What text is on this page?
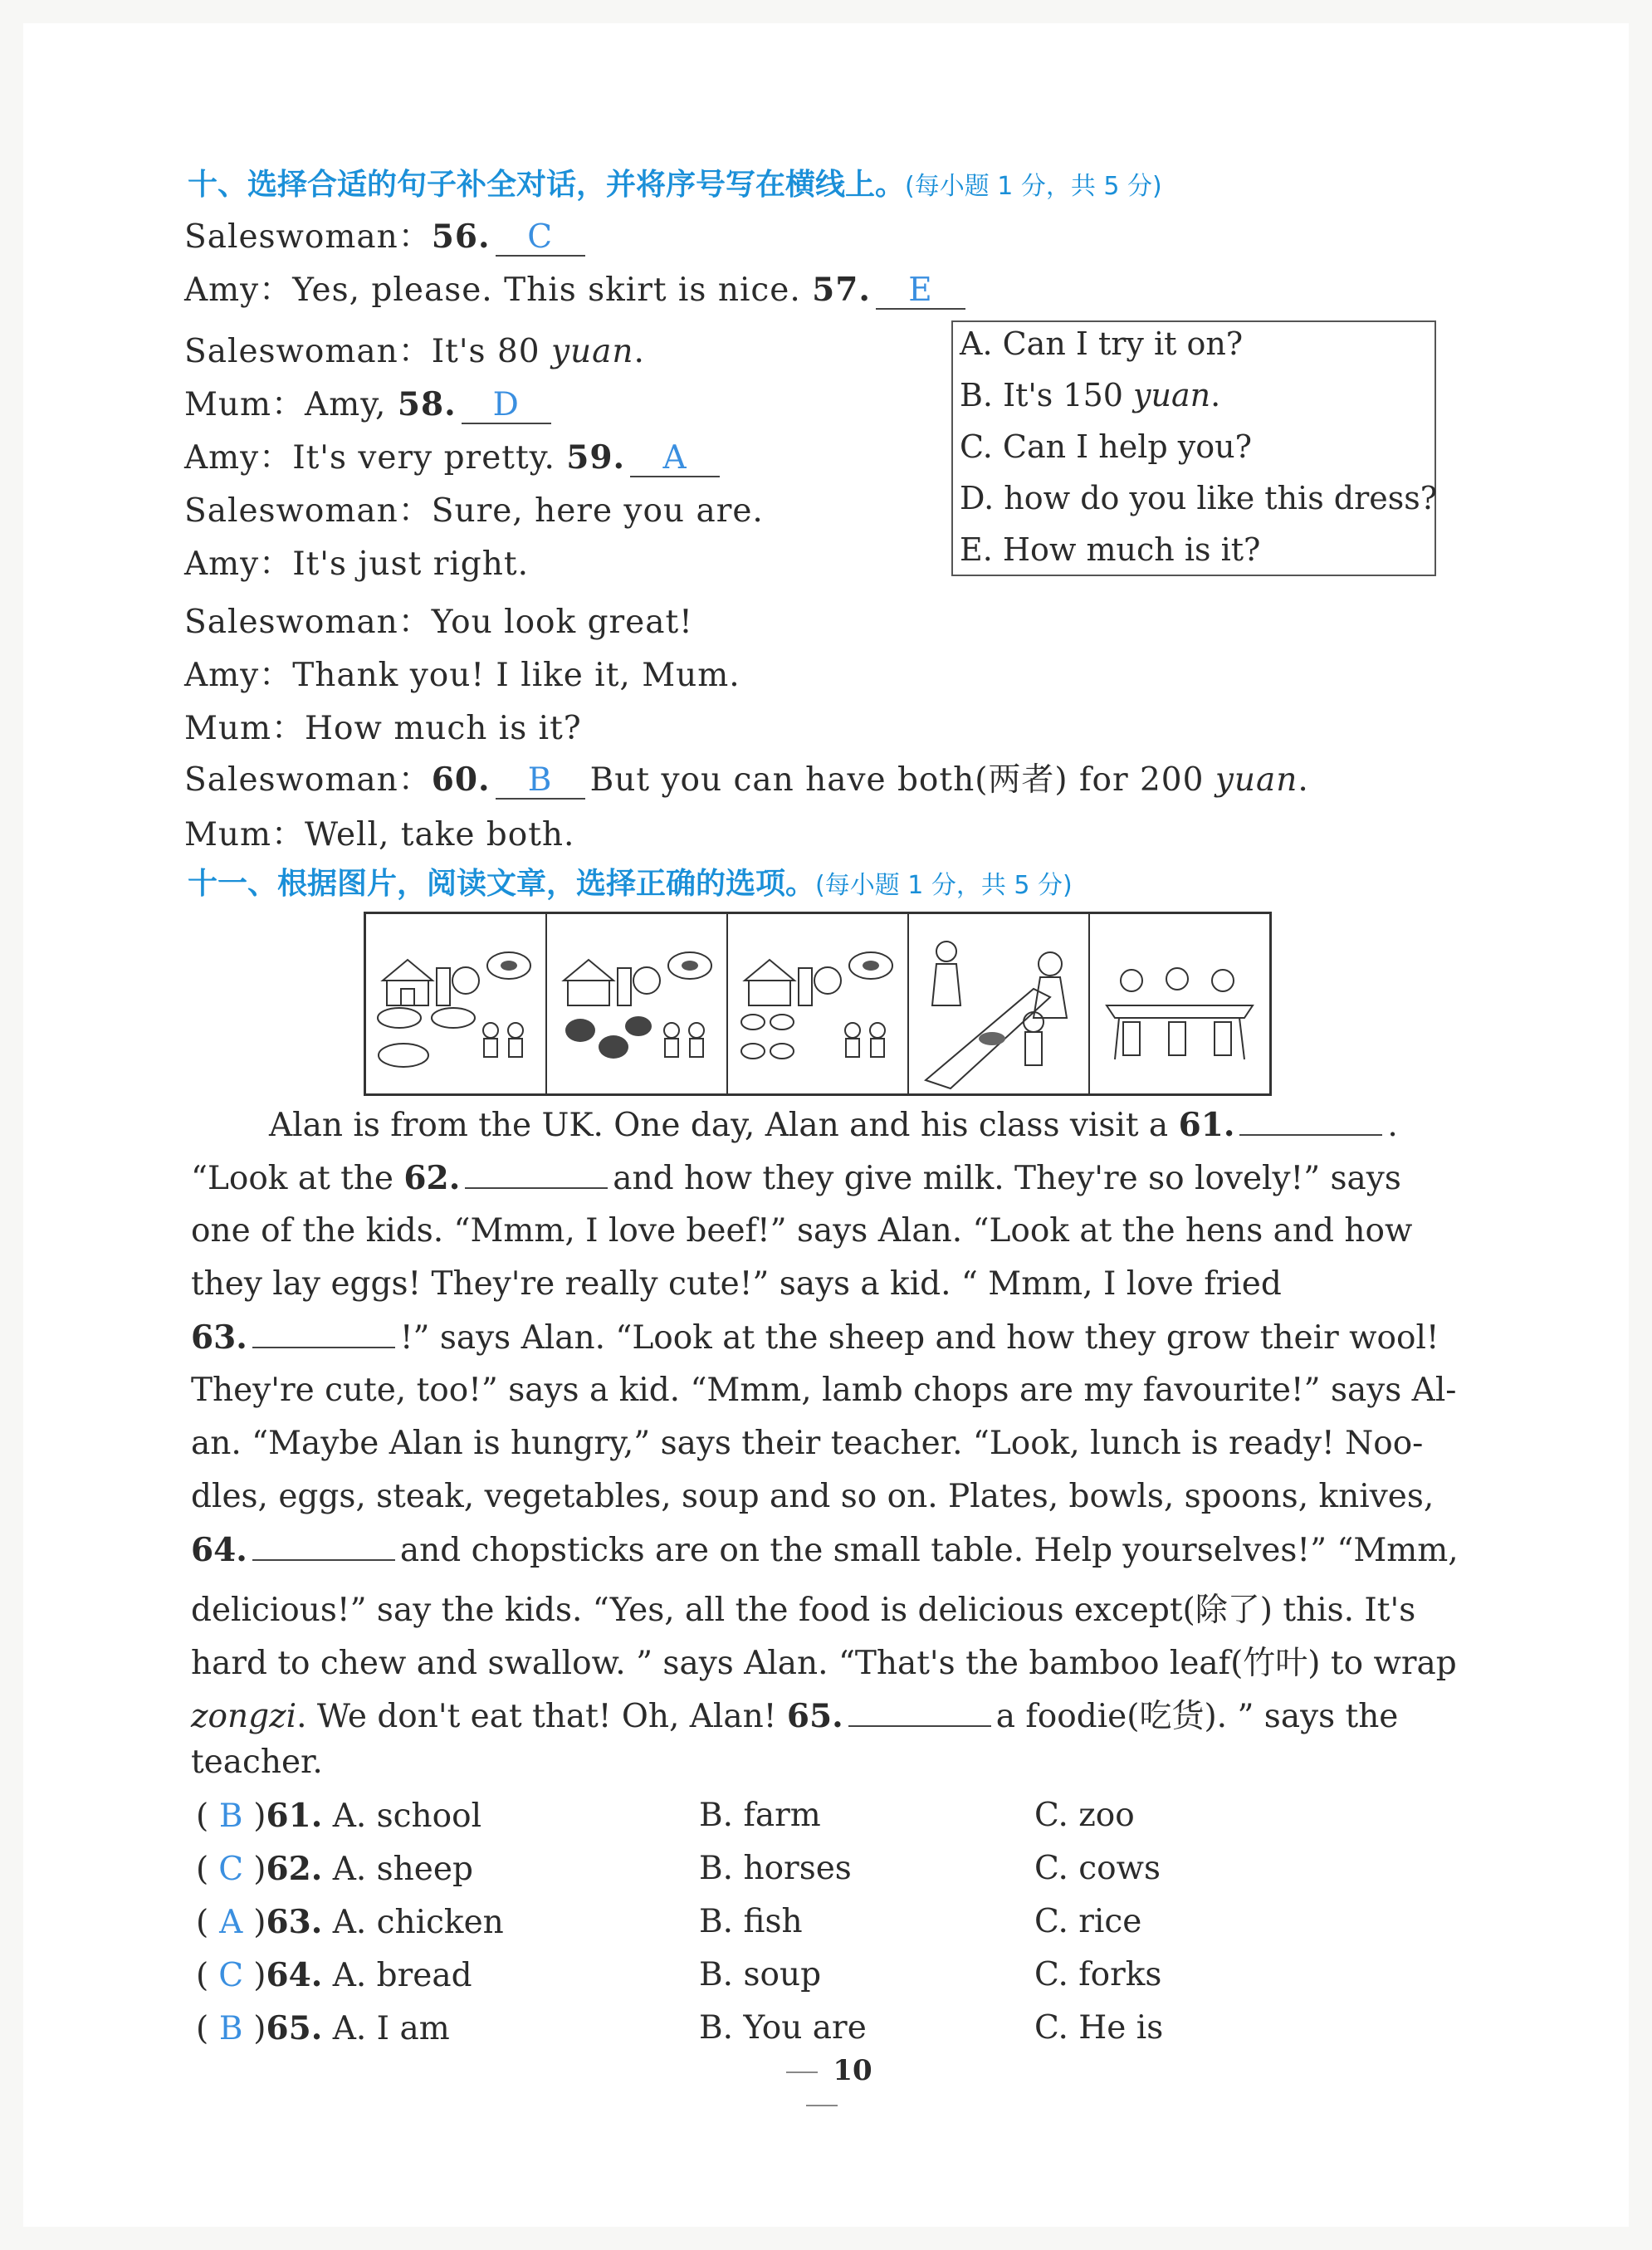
十、选择合适的句子补全对话，并将序号写在横线上。(每小题 1 分，共 5 分)
Saleswoman：56. C
Amy：Yes, please. This skirt is nice. 57. E
Saleswoman：It's 80 yuan.
Mum：Amy, 58. D
Amy：It's very pretty. 59. A
Saleswoman：Sure, here you are.
Amy：It's just right.
Saleswoman：You look great!
Amy：Thank you! I like it, Mum.
Mum：How much is it?
Saleswoman：60. B But you can have both(两者) for 200 yuan.
Mum：Well, take both.
A. Can I try it on?
B. It's 150 yuan.
C. Can I help you?
D. how do you like this dress?
E. How much is it?
十一、根据图片，阅读文章，选择正确的选项。(每小题 1 分，共 5 分)
Alan is from the UK. One day, Alan and his class visit a 61.	.
“Look at the 62.	and how they give milk. They're so lovely!” says
one of the kids. “Mmm, I love beef!” says Alan. “Look at the hens and how
they lay eggs! They're really cute!” says a kid. “ Mmm, I love fried
63.	!” says Alan. “Look at the sheep and how they grow their wool!
They're cute, too!” says a kid. “Mmm, lamb chops are my favourite!” says Al-
an. “Maybe Alan is hungry,” says their teacher. “Look, lunch is ready! Noo-
dles, eggs, steak, vegetables, soup and so on. Plates, bowls, spoons, knives,
64.	and chopsticks are on the small table. Help yourselves!” “Mmm,
delicious!” say the kids. “Yes, all the food is delicious except(除了) this. It's
hard to chew and swallow. ” says Alan. “That's the bamboo leaf(竹叶) to wrap
zongzi. We don't eat that! Oh, Alan! 65.	a foodie(吃货). ” says the
teacher.
( B )61. A. school	B. farm	C. zoo
( C )62. A. sheep	B. horses	C. cows
( A )63. A. chicken	B. fish	C. rice
( C )64. A. bread	B. soup	C. forks
( B )65. A. I am	B. You are	C. He is
10
